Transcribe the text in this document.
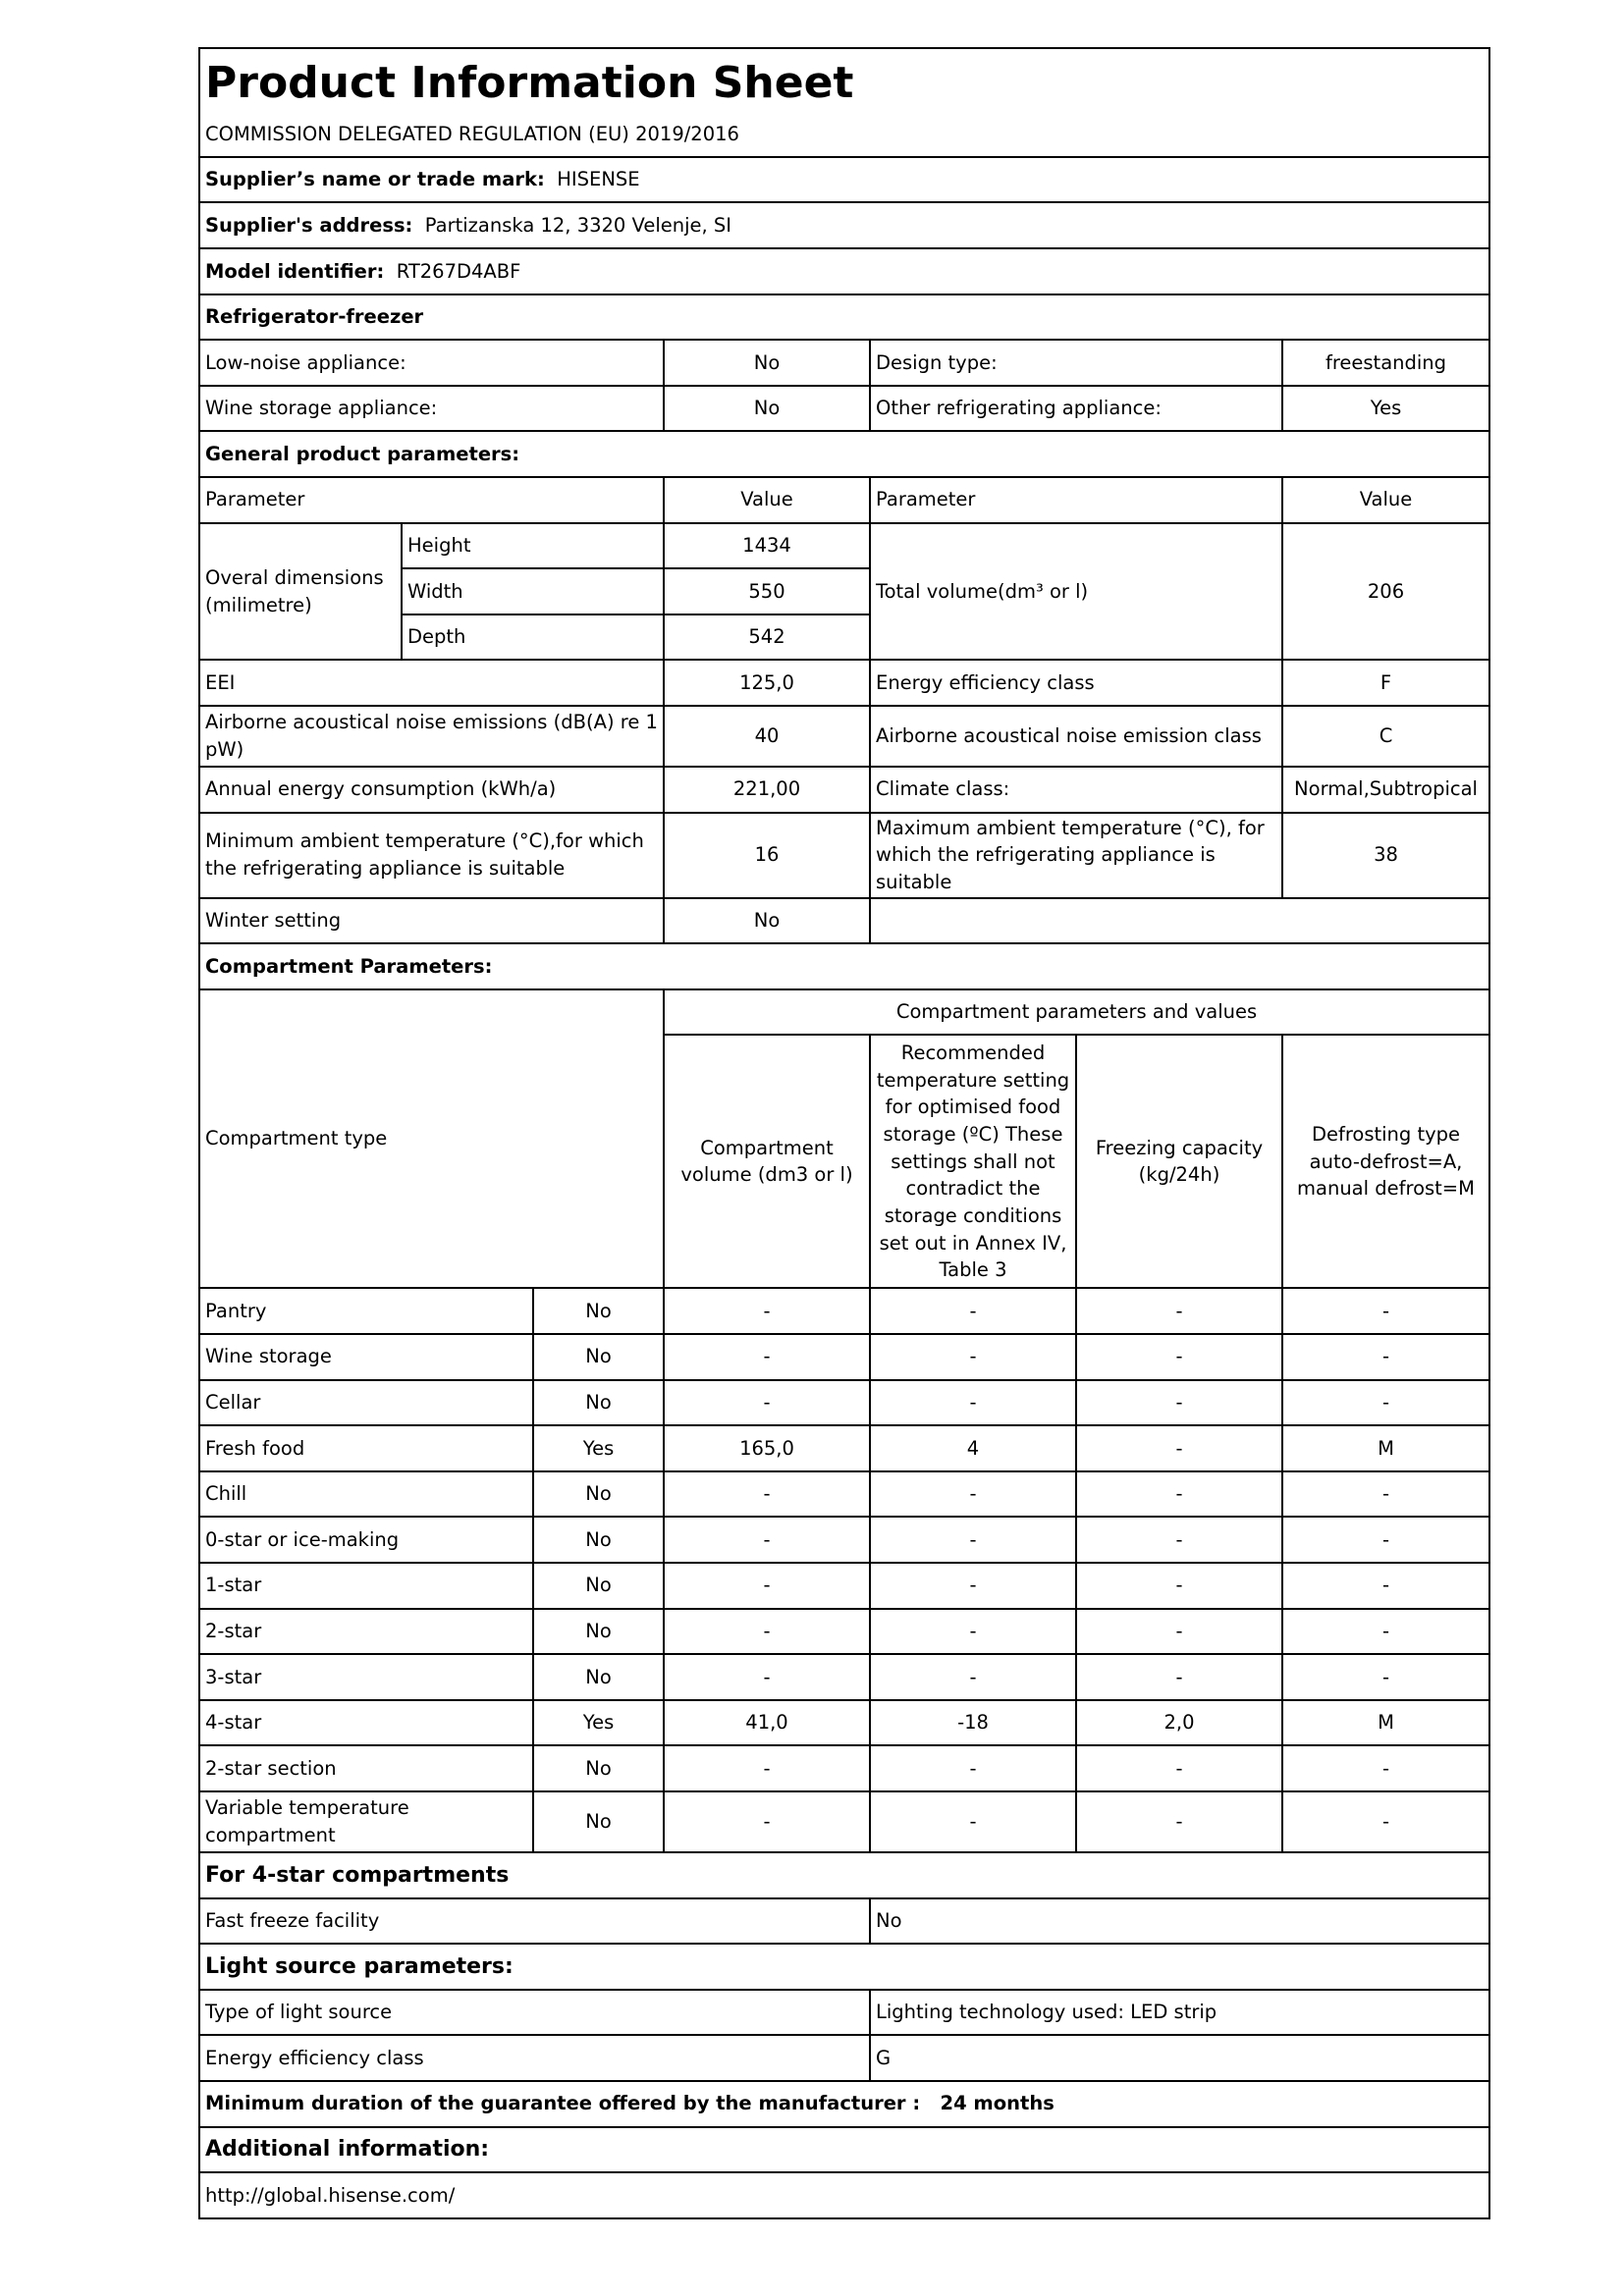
Product Information Sheet
COMMISSION DELEGATED REGULATION (EU) 2019/2016						

Supplier’s name or trade mark: HISENSE						
Supplier's address: Partizanska 12, 3320 Velenje, SI						
Model identifier: RT267D4ABF						
Refrigerator-freezer						
Low-noise appliance:			No	Design type:		freestanding
Wine storage appliance:			No	Other refrigerating appliance:		Yes
General product parameters:						
Parameter			Value	Parameter		Value
Overal dimensions (milimetre)	Height		1434	Total volume(dm³ or l)		206
	Width		550			
	Depth		542			
EEI			125,0	Energy efficiency class		F
Airborne acoustical noise emissions (dB(A) re 1 pW)			40	Airborne acoustical noise emission class		C
Annual energy consumption (kWh/a)			221,00	Climate class:		Normal,Subtropical
Minimum ambient temperature (°C),for which the refrigerating appliance is suitable			16	Maximum ambient temperature (°C), for which the refrigerating appliance is suitable		38
Winter setting			No			
Compartment Parameters:						
Compartment type			Compartment parameters and values			
			Compartment volume (dm3 or l)	Recommended temperature setting for optimised food storage (ºC) These settings shall not contradict the storage conditions set out in Annex IV, Table 3	Freezing capacity (kg/24h)	Defrosting type auto-defrost=A, manual defrost=M
Pantry		No	-	-	-	-
Wine storage		No	-	-	-	-
Cellar		No	-	-	-	-
Fresh food		Yes	165,0	4	-	M
Chill		No	-	-	-	-
0-star or ice-making		No	-	-	-	-
1-star		No	-	-	-	-
2-star		No	-	-	-	-
3-star		No	-	-	-	-
4-star		Yes	41,0	-18	2,0	M
2-star section		No	-	-	-	-
Variable temperature compartment		No	-	-	-	-
For 4-star compartments						
Fast freeze facility				No		
Light source parameters:						
Type of light source				Lighting technology used: LED strip		
Energy efficiency class				G		
Minimum duration of the guarantee offered by the manufacturer :   24 months						
Additional information:						
http://global.hisense.com/						
